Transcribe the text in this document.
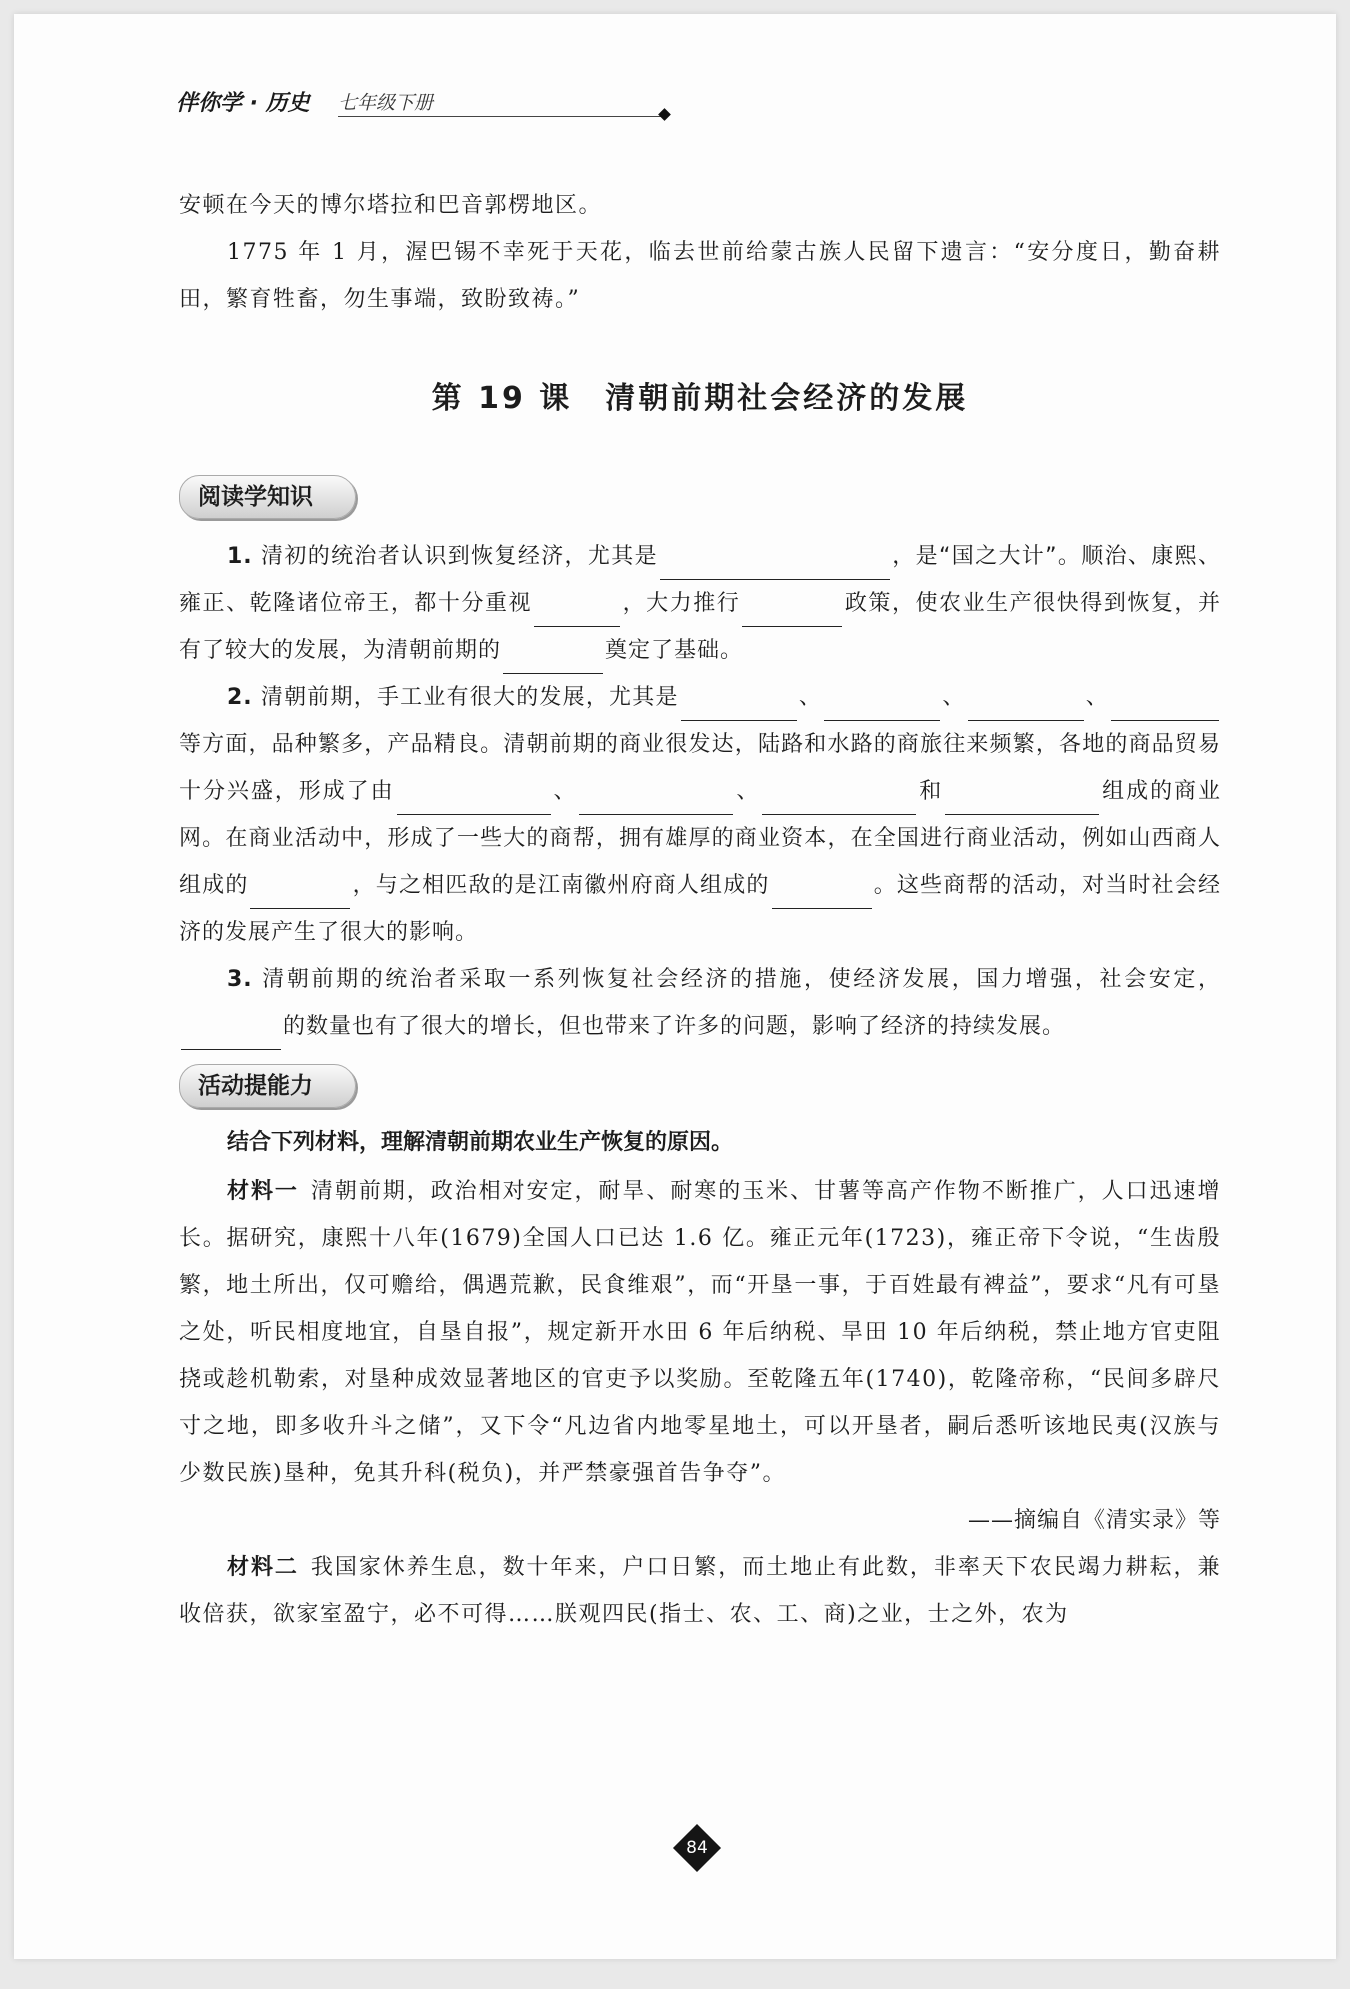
伴你学 · 历史 七年级下册

安顿在今天的博尔塔拉和巴音郭楞地区。

1775 年 1 月，渥巴锡不幸死于天花，临去世前给蒙古族人民留下遗言：“安分度日，勤奋耕田，繁育牲畜，勿生事端，致盼致祷。”

第 19 课　清朝前期社会经济的发展
阅读学知识

1. 清初的统治者认识到恢复经济，尤其是	，是“国之大计”。顺治、康熙、雍正、乾隆诸位帝王，都十分重视	，大力推行	政策，使农业生产很快得到恢复，并有了较大的发展，为清朝前期的	奠定了基础。

2. 清朝前期，手工业有很大的发展，尤其是	、	、	、等方面，品种繁多，产品精良。清朝前期的商业很发达，陆路和水路的商旅往来频繁，各地的商品贸易十分兴盛，形成了由	、	、	和	组成的商业网。在商业活动中，形成了一些大的商帮，拥有雄厚的商业资本，在全国进行商业活动，例如山西商人组成的	，与之相匹敌的是江南徽州府商人组成的	。这些商帮的活动，对当时社会经济的发展产生了很大的影响。

3. 清朝前期的统治者采取一系列恢复社会经济的措施，使经济发展，国力增强，社会安定，的数量也有了很大的增长，但也带来了许多的问题，影响了经济的持续发展。

活动提能力

结合下列材料，理解清朝前期农业生产恢复的原因。

材料一 清朝前期，政治相对安定，耐旱、耐寒的玉米、甘薯等高产作物不断推广，人口迅速增长。据研究，康熙十八年(1679)全国人口已达 1.6 亿。雍正元年(1723)，雍正帝下令说，“生齿殷繁，地土所出，仅可赡给，偶遇荒歉，民食维艰”，而“开垦一事，于百姓最有裨益”，要求“凡有可垦之处，听民相度地宜，自垦自报”，规定新开水田 6 年后纳税、旱田 10 年后纳税，禁止地方官吏阻挠或趁机勒索，对垦种成效显著地区的官吏予以奖励。至乾隆五年(1740)，乾隆帝称，“民间多辟尺寸之地，即多收升斗之储”，又下令“凡边省内地零星地土，可以开垦者，嗣后悉听该地民夷(汉族与少数民族)垦种，免其升科(税负)，并严禁豪强首告争夺”。

——摘编自《清实录》等

材料二 我国家休养生息，数十年来，户口日繁，而土地止有此数，非率天下农民竭力耕耘，兼收倍获，欲家室盈宁，必不可得……朕观四民(指士、农、工、商)之业，士之外，农为

84
